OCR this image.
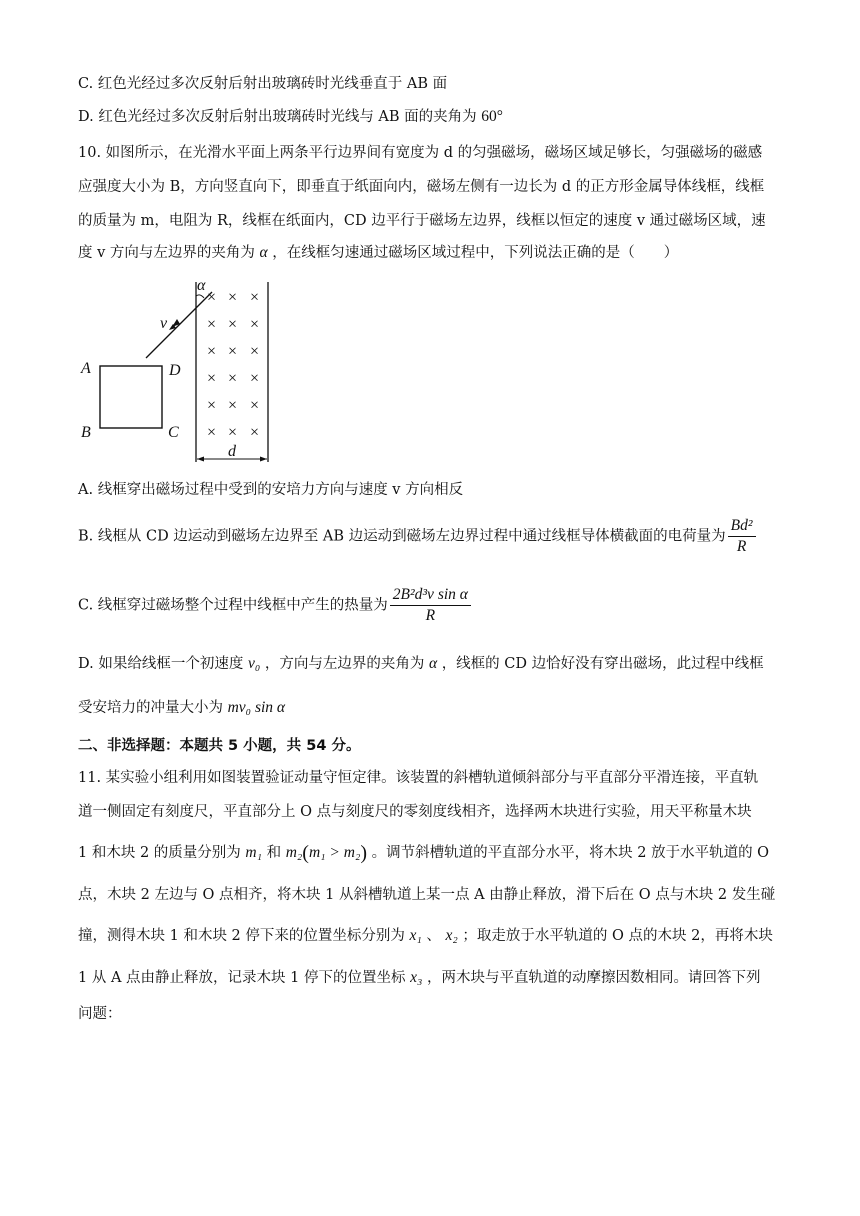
C. 红色光经过多次反射后射出玻璃砖时光线垂直于 AB 面
D. 红色光经过多次反射后射出玻璃砖时光线与 AB 面的夹角为 60°
10. 如图所示，在光滑水平面上两条平行边界间有宽度为 d 的匀强磁场，磁场区域足够长，匀强磁场的磁感
应强度大小为 B，方向竖直向下，即垂直于纸面向内，磁场左侧有一边长为 d 的正方形金属导体线框，线框
的质量为 m，电阻为 R，线框在纸面内，CD 边平行于磁场左边界，线框以恒定的速度 v 通过磁场区域，速
度 v 方向与左边界的夹角为 α ，在线框匀速通过磁场区域过程中，下列说法正确的是（　　）
α
v
A
B	C
D
× × ×
× × ×
× × ×
× × ×
× × ×
× × ×
d
A. 线框穿出磁场过程中受到的安培力方向与速度 v 方向相反
B. 线框从 CD 边运动到磁场左边界至 AB 边运动到磁场左边界过程中通过线框导体横截面的电荷量为 $\frac{\text{Bd²}}{R}$
C. 线框穿过磁场整个过程中线框中产生的热量为 $\frac{\text{2B²d³v sin α}}{R}$
D. 如果给线框一个初速度 v₀ ，方向与左边界的夹角为 α ，线框的 CD 边恰好没有穿出磁场，此过程中线框
受安培力的冲量大小为 mv₀ sin α
二、非选择题：本题共 5 小题，共 54 分。
11. 某实验小组利用如图装置验证动量守恒定律。该装置的斜槽轨道倾斜部分与平直部分平滑连接，平直轨
道一侧固定有刻度尺，平直部分上 O 点与刻度尺的零刻度线相齐，选择两木块进行实验，用天平称量木块
1 和木块 2 的质量分别为 m₁ 和 m₂(m₁ > m₂) 。调节斜槽轨道的平直部分水平，将木块 2 放于水平轨道的 O
点，木块 2 左边与 O 点相齐，将木块 1 从斜槽轨道上某一点 A 由静止释放，滑下后在 O 点与木块 2 发生碰
撞，测得木块 1 和木块 2 停下来的位置坐标分别为 x₁ 、 x₂ ；取走放于水平轨道的 O 点的木块 2，再将木块
1 从 A 点由静止释放，记录木块 1 停下的位置坐标 x₃ ，两木块与平直轨道的动摩擦因数相同。请回答下列
问题：
